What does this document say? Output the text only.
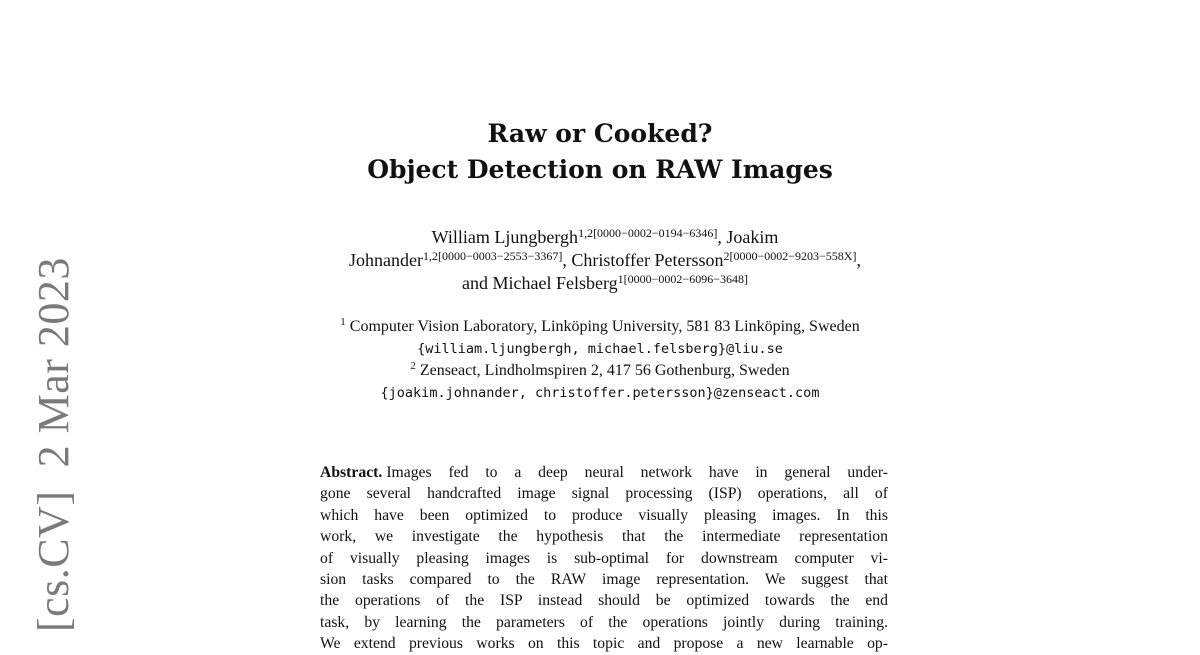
[cs.CV]  2 Mar 2023
Raw or Cooked?
Object Detection on RAW Images
William Ljungbergh$^{1,2[0000-0002-0194-6346]}$, Joakim
Johnander$^{1,2[0000-0003-2553-3367]}$, Christoffer Petersson$^{2[0000-0002-9203-558X]}$,
and Michael Felsberg$^{1[0000-0002-6096-3648]}$
$^1$ Computer Vision Laboratory, Linköping University, 581 83 Linköping, Sweden
{william.ljungbergh, michael.felsberg}@liu.se
$^2$ Zenseact, Lindholmspiren 2, 417 56 Gothenburg, Sweden
{joakim.johnander, christoffer.petersson}@zenseact.com
Abstract. Images fed to a deep neural network have in general under-
gone several handcrafted image signal processing (ISP) operations, all of
which have been optimized to produce visually pleasing images. In this
work, we investigate the hypothesis that the intermediate representation
of visually pleasing images is sub-optimal for downstream computer vi-
sion tasks compared to the RAW image representation. We suggest that
the operations of the ISP instead should be optimized towards the end
task, by learning the parameters of the operations jointly during training.
We extend previous works on this topic and propose a new learnable op-
